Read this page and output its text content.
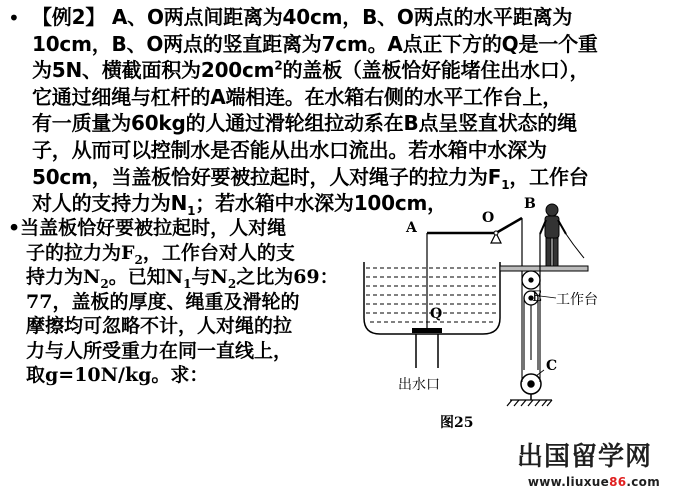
• 【例2】 A、O两点间距离为40cm，B、O两点的水平距离为
10cm，B、O两点的竖直距离为7cm。A点正下方的Q是一个重
为5N、横截面积为$200cm^2$的盖板（盖板恰好能堵住出水口），
它通过细绳与杠杆的A端相连。在水箱右侧的水平工作台上，
有一质量为60kg的人通过滑轮组拉动系在B点呈竖直状态的绳
子，从而可以控制水是否能从出水口流出。若水箱中水深为
50cm，当盖板恰好要被拉起时，人对绳子的拉力为$F_1$，工作台
对人的支持力为$N_1$；若水箱中水深为100cm，
•当盖板恰好要被拉起时，人对绳
子的拉力为$F_2$，工作台对人的支
持力为$N_2$。已知$N_1$与$N_2$之比为69：
77，盖板的厚度、绳重及滑轮的
摩擦均可忽略不计，人对绳的拉
力与人所受重力在同一直线上，
取g=10N/kg。求：
A
O
B
Q
E
C
工作台
出水口
图25
出国留学网
www.liuxue86.com
